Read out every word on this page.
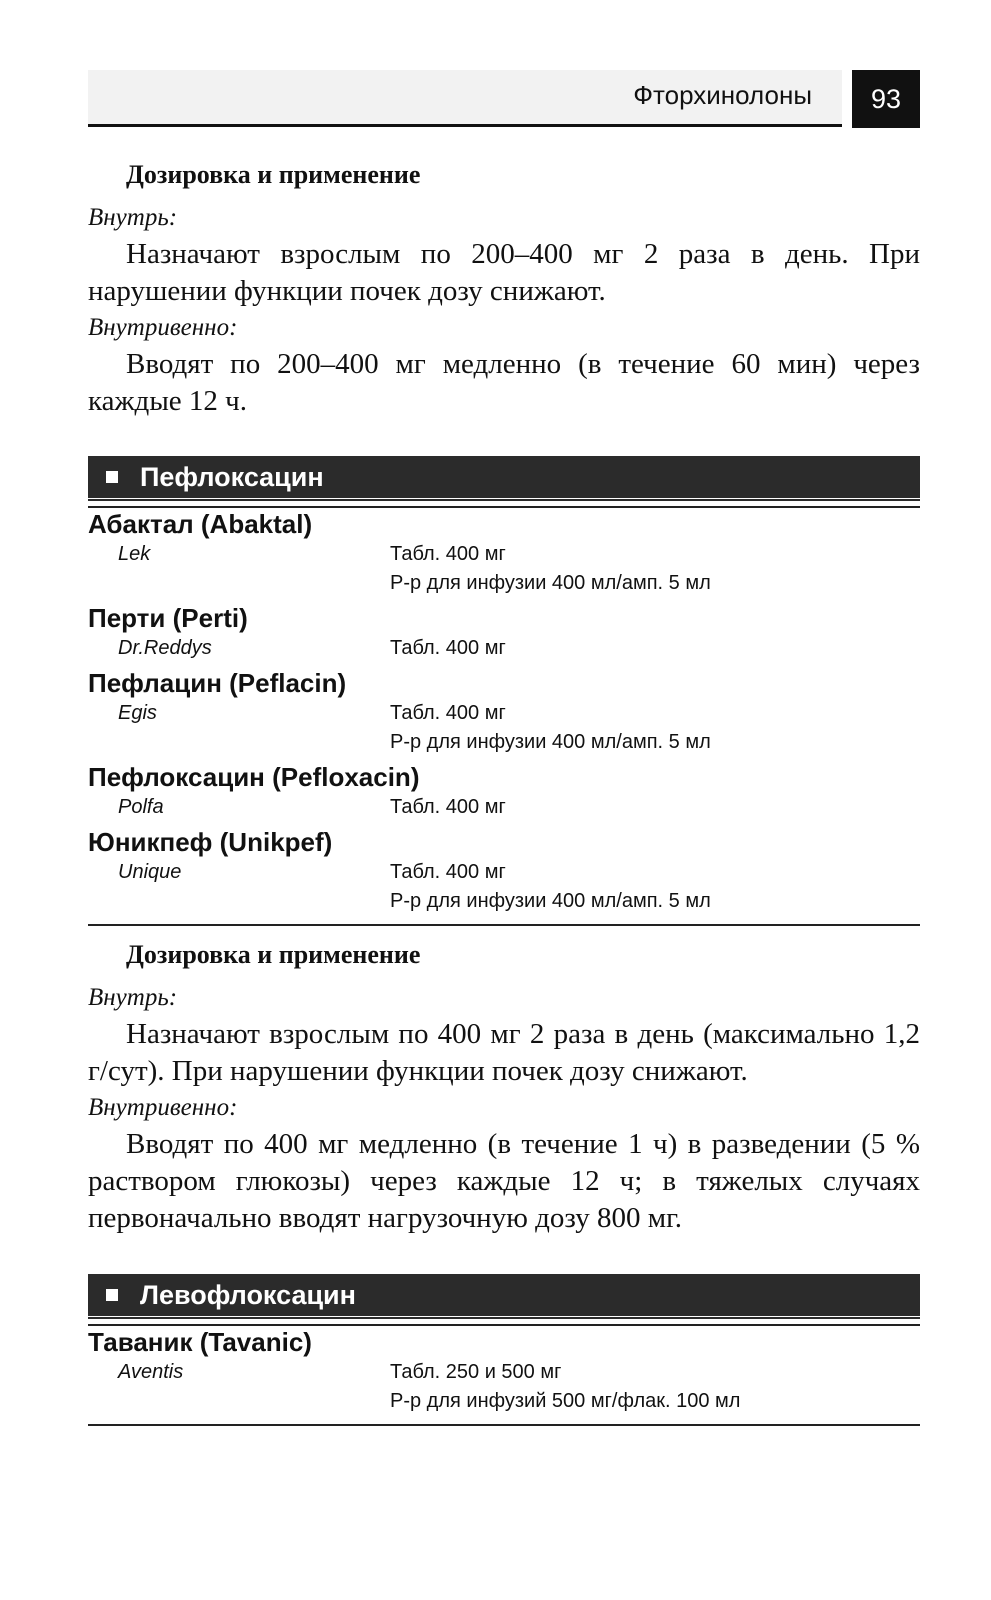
Фторхинолоны	93
Дозировка и применение
Внутрь:

Назначают взрослым по 200–400 мг 2 раза в день. При нарушении функции почек дозу снижают.

Внутривенно:

Вводят по 200–400 мг медленно (в течение 60 мин) через каждые 12 ч.

Пефлоксацин
Абактал (Abaktal)
Lek	Табл. 400 мг
Р-р для инфузии 400 мл/амп. 5 мл
Перти (Perti)
Dr.Reddys	Табл. 400 мг
Пефлацин (Peflacin)
Egis	Табл. 400 мг
Р-р для инфузии 400 мл/амп. 5 мл
Пефлоксацин (Pefloxacin)
Polfa	Табл. 400 мг
Юникпеф (Unikpef)
Unique	Табл. 400 мг
Р-р для инфузии 400 мл/амп. 5 мл
Дозировка и применение
Внутрь:

Назначают взрослым по 400 мг 2 раза в день (максимально 1,2 г/сут). При нарушении функции почек дозу снижают.

Внутривенно:

Вводят по 400 мг медленно (в течение 1 ч) в разведении (5 % раствором глюкозы) через каждые 12 ч; в тяжелых случаях первоначально вводят нагрузочную дозу 800 мг.

Левофлоксацин
Таваник (Tavanic)
Aventis	Табл. 250 и 500 мг
Р-р для инфузий 500 мг/флак. 100 мл
